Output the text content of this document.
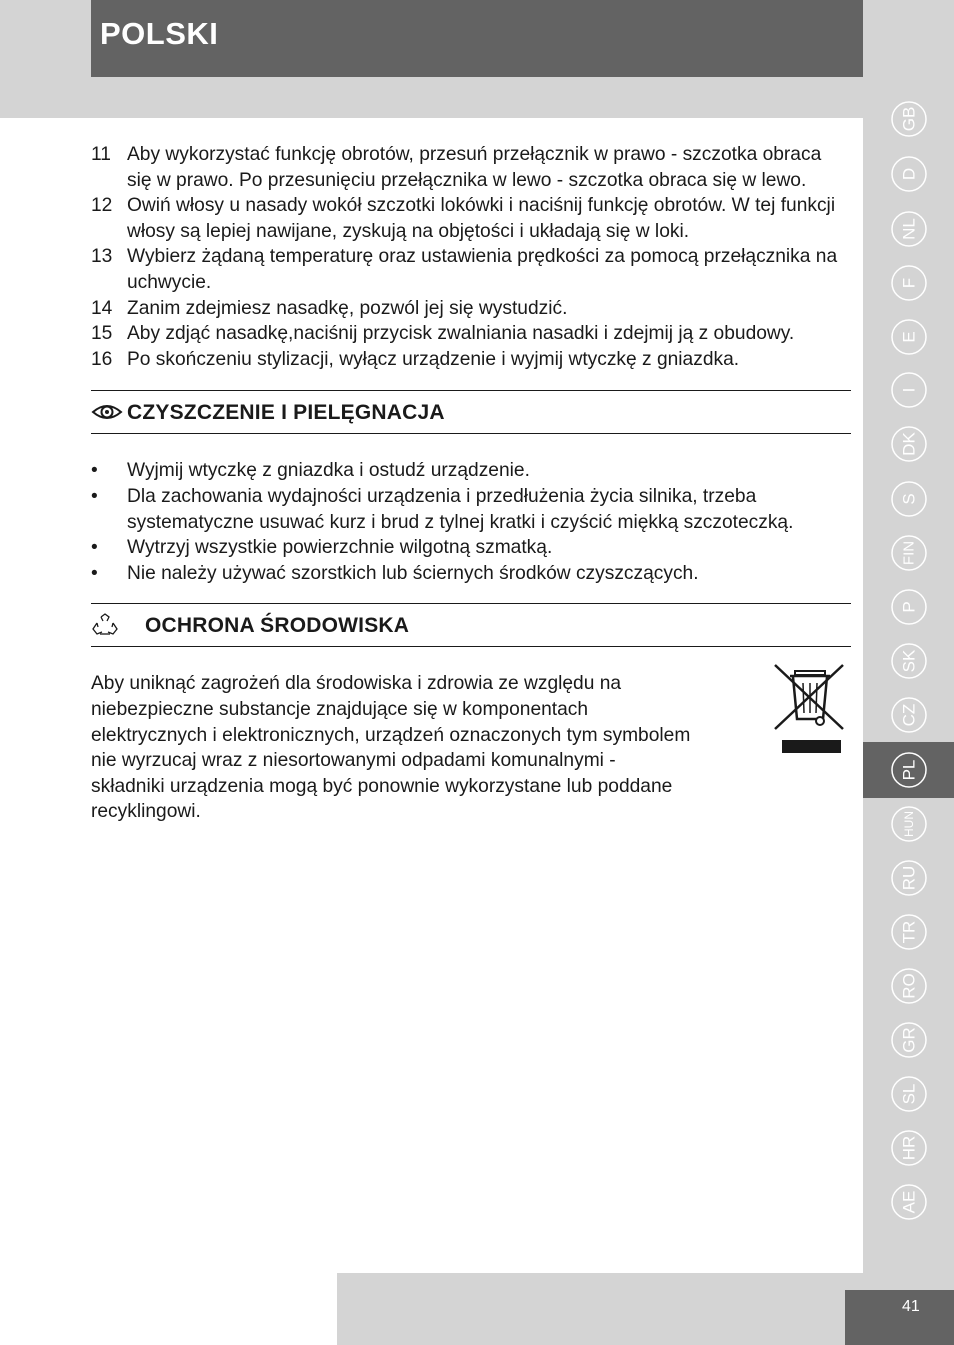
POLSKI
11 Aby wykorzystać funkcję obrotów, przesuń przełącznik w prawo - szczotka obraca się w prawo. Po przesunięciu przełącznika w lewo - szczotka obraca się w lewo.
12 Owiń włosy u nasady wokół szczotki lokówki i naciśnij funkcję obrotów. W tej funkcji włosy są lepiej nawijane, zyskują na objętości i układają się w loki.
13 Wybierz żądaną temperaturę oraz ustawienia prędkości za pomocą przełącznika na uchwycie.
14 Zanim zdejmiesz nasadkę, pozwól jej się wystudzić.
15 Aby zdjąć nasadkę,naciśnij przycisk zwalniania nasadki i zdejmij ją z obudowy.
16 Po skończeniu stylizacji, wyłącz urządzenie i wyjmij wtyczkę z gniazdka.
CZYSZCZENIE I PIELĘGNACJA
•	Wyjmij wtyczkę z gniazdka i ostudź urządzenie.
•	Dla zachowania wydajności urządzenia i przedłużenia życia silnika, trzeba systematyczne usuwać kurz i brud z tylnej kratki i czyścić miękką szczoteczką.
•	Wytrzyj wszystkie powierzchnie wilgotną szmatką.
•	Nie należy używać szorstkich lub ściernych środków czyszczących.
OCHRONA ŚRODOWISKA
Aby uniknąć zagrożeń dla środowiska i zdrowia ze względu na niebezpieczne substancje znajdujące się w komponentach elektrycznych i elektronicznych, urządzeń oznaczonych tym symbolem nie wyrzucaj wraz z niesortowanymi odpadami komunalnymi - składniki urządzenia mogą być ponownie wykorzystane lub poddane recyklingowi.
GB
D
NL
F
E
I
DK
S
FIN
P
SK
CZ
PL
HUN
RU
TR
RO
GR
SL
HR
AE
41
